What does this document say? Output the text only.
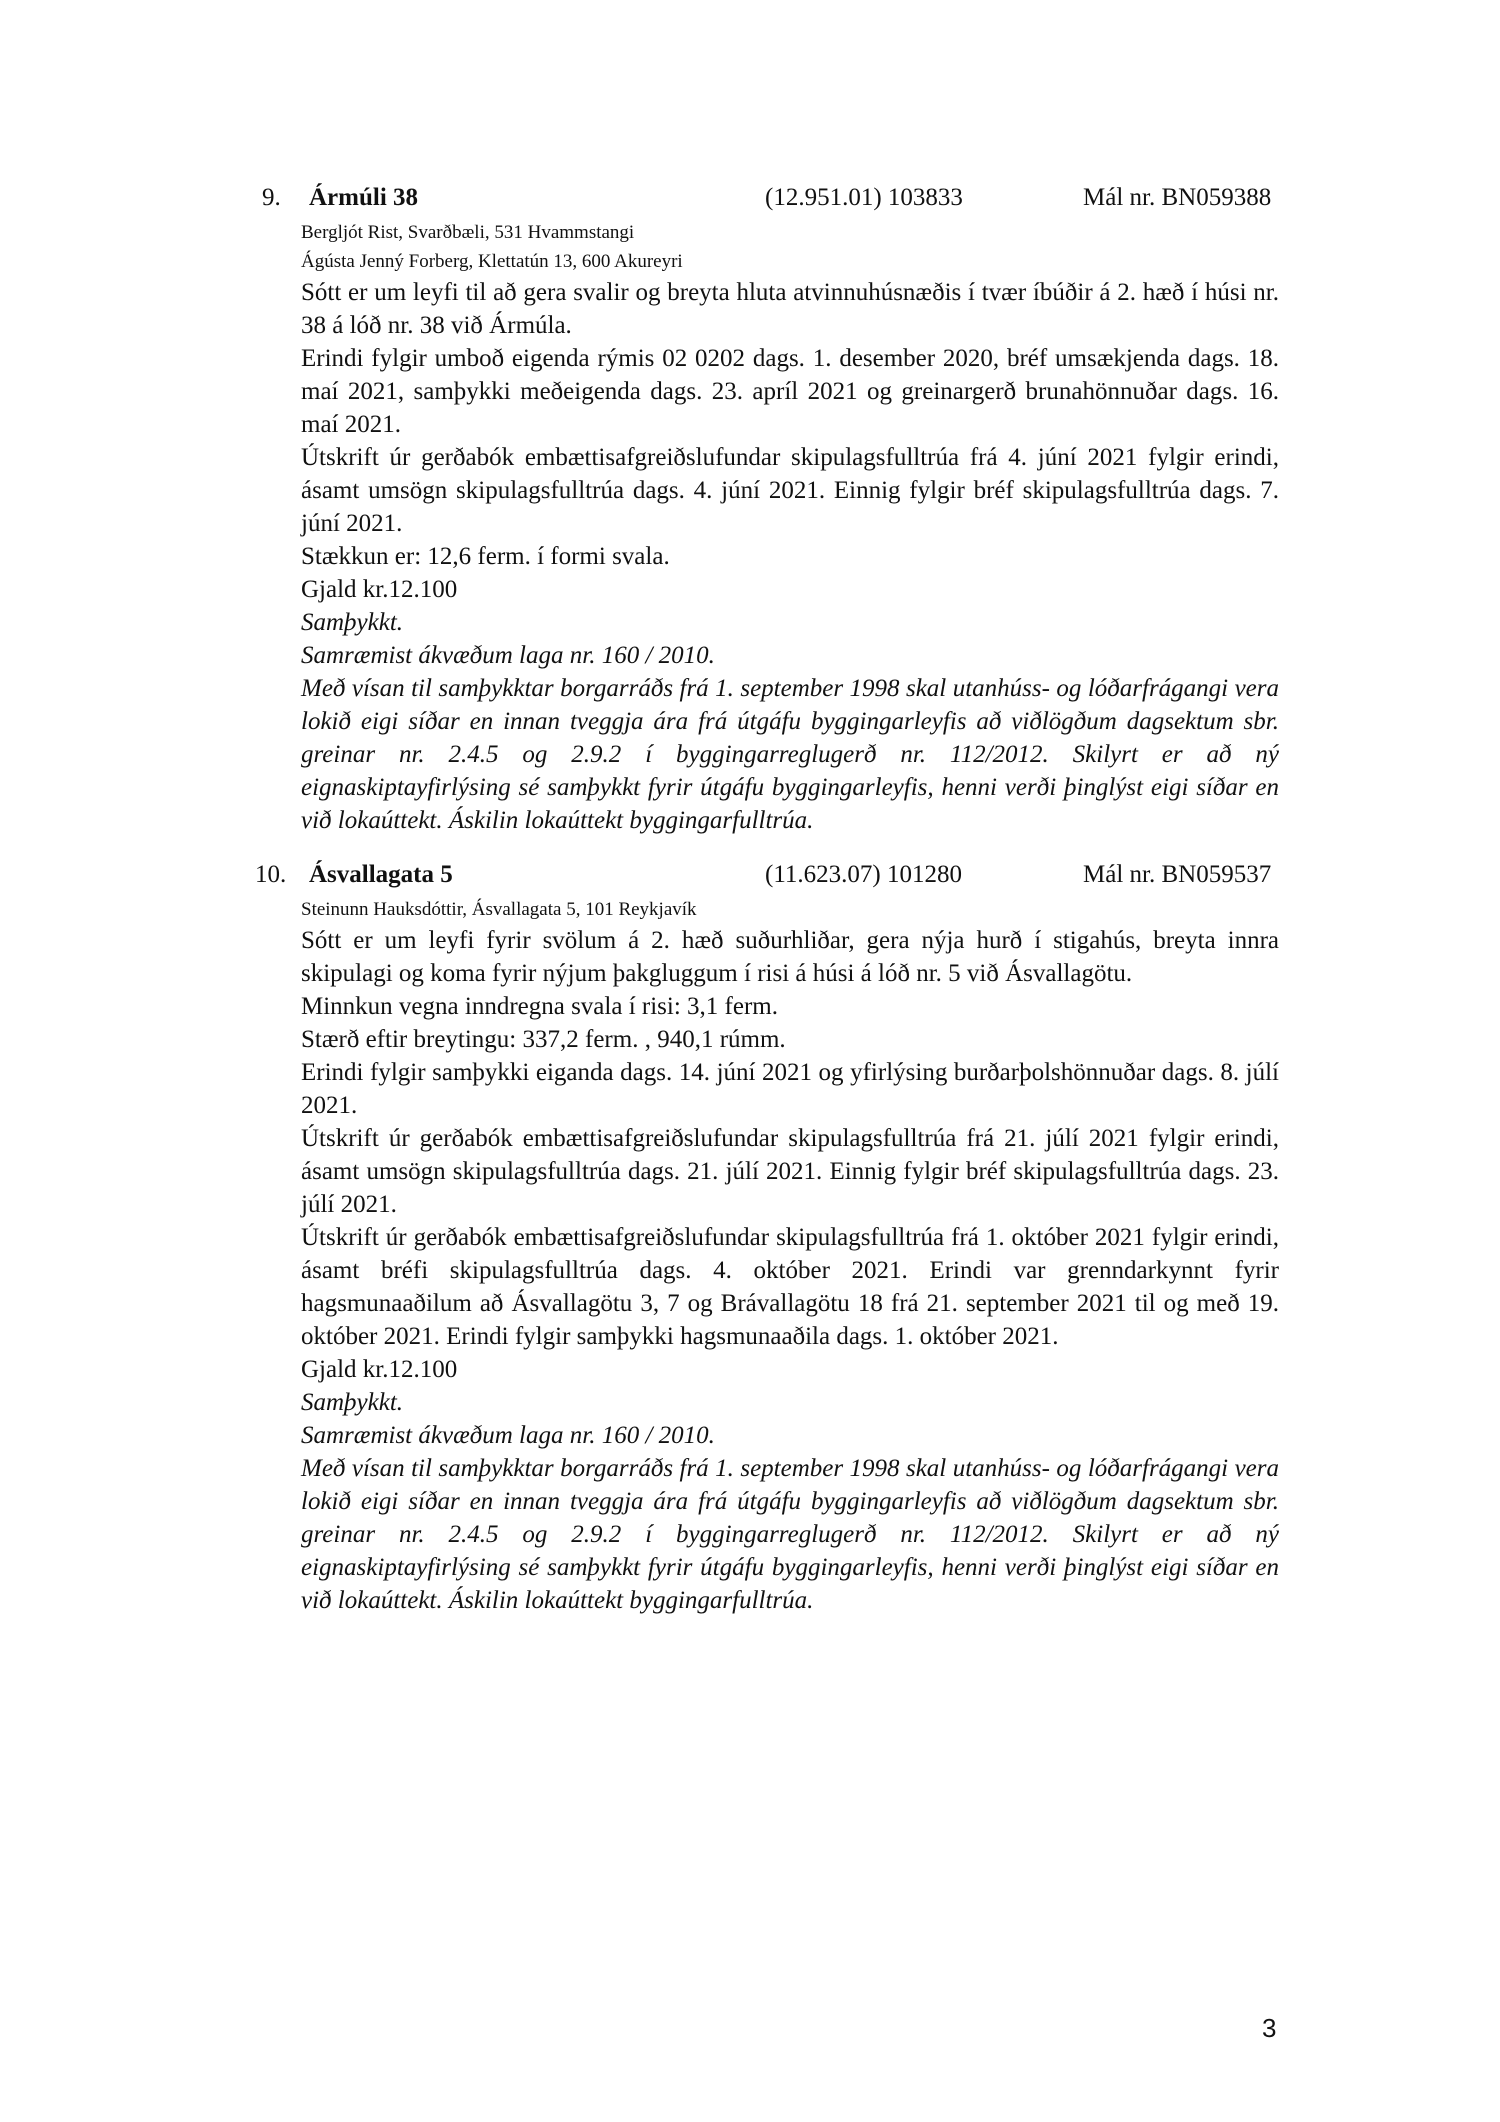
9. Ármúli 38	(12.951.01) 103833	Mál nr. BN059388
Bergljót Rist, Svarðbæli, 531 Hvammstangi
Ágústa Jenný Forberg, Klettatún 13, 600 Akureyri
Sótt er um leyfi til að gera svalir og breyta hluta atvinnuhúsnæðis í tvær íbúðir á 2. hæð í húsi nr. 38 á lóð nr. 38 við Ármúla.
Erindi fylgir umboð eigenda rýmis 02 0202 dags. 1. desember 2020, bréf umsækjenda dags. 18. maí 2021, samþykki meðeigenda dags. 23. apríl 2021 og greinargerð brunahönnuðar dags. 16. maí 2021.
Útskrift úr gerðabók embættisafgreiðslufundar skipulagsfulltrúa frá 4. júní 2021 fylgir erindi, ásamt umsögn skipulagsfulltrúa dags. 4. júní 2021. Einnig fylgir bréf skipulagsfulltrúa dags. 7. júní 2021.
Stækkun er: 12,6 ferm. í formi svala.
Gjald kr.12.100
Samþykkt.
Samræmist ákvæðum laga nr. 160 / 2010.
Með vísan til samþykktar borgarráðs frá 1. september 1998 skal utanhúss- og lóðarfrágangi vera lokið eigi síðar en innan tveggja ára frá útgáfu byggingarleyfis að viðlögðum dagsektum sbr. greinar nr. 2.4.5 og 2.9.2 í byggingarreglugerð nr. 112/2012. Skilyrt er að ný eignaskiptayfirlýsing sé samþykkt fyrir útgáfu byggingarleyfis, henni verði þinglýst eigi síðar en við lokaúttekt. Áskilin lokaúttekt byggingarfulltrúa.
10. Ásvallagata 5	(11.623.07) 101280	Mál nr. BN059537
Steinunn Hauksdóttir, Ásvallagata 5, 101 Reykjavík
Sótt er um leyfi fyrir svölum á 2. hæð suðurhliðar, gera nýja hurð í stigahús, breyta innra skipulagi og koma fyrir nýjum þakgluggum í risi á húsi á lóð nr. 5 við Ásvallagötu.
Minnkun vegna inndregna svala í risi: 3,1 ferm.
Stærð eftir breytingu: 337,2 ferm. , 940,1 rúmm.
Erindi fylgir samþykki eiganda dags. 14. júní 2021 og yfirlýsing burðarþolshönnuðar dags. 8. júlí 2021.
Útskrift úr gerðabók embættisafgreiðslufundar skipulagsfulltrúa frá 21. júlí 2021 fylgir erindi, ásamt umsögn skipulagsfulltrúa dags. 21. júlí 2021. Einnig fylgir bréf skipulagsfulltrúa dags. 23. júlí 2021.
Útskrift úr gerðabók embættisafgreiðslufundar skipulagsfulltrúa frá 1. október 2021 fylgir erindi, ásamt bréfi skipulagsfulltrúa dags. 4. október 2021. Erindi var grenndarkynnt fyrir hagsmunaaðilum að Ásvallagötu 3, 7 og Brávallagötu 18 frá 21. september 2021 til og með 19. október 2021. Erindi fylgir samþykki hagsmunaaðila dags. 1. október 2021.
Gjald kr.12.100
Samþykkt.
Samræmist ákvæðum laga nr. 160 / 2010.
Með vísan til samþykktar borgarráðs frá 1. september 1998 skal utanhúss- og lóðarfrágangi vera lokið eigi síðar en innan tveggja ára frá útgáfu byggingarleyfis að viðlögðum dagsektum sbr. greinar nr. 2.4.5 og 2.9.2 í byggingarreglugerð nr. 112/2012. Skilyrt er að ný eignaskiptayfirlýsing sé samþykkt fyrir útgáfu byggingarleyfis, henni verði þinglýst eigi síðar en við lokaúttekt. Áskilin lokaúttekt byggingarfulltrúa.
3
